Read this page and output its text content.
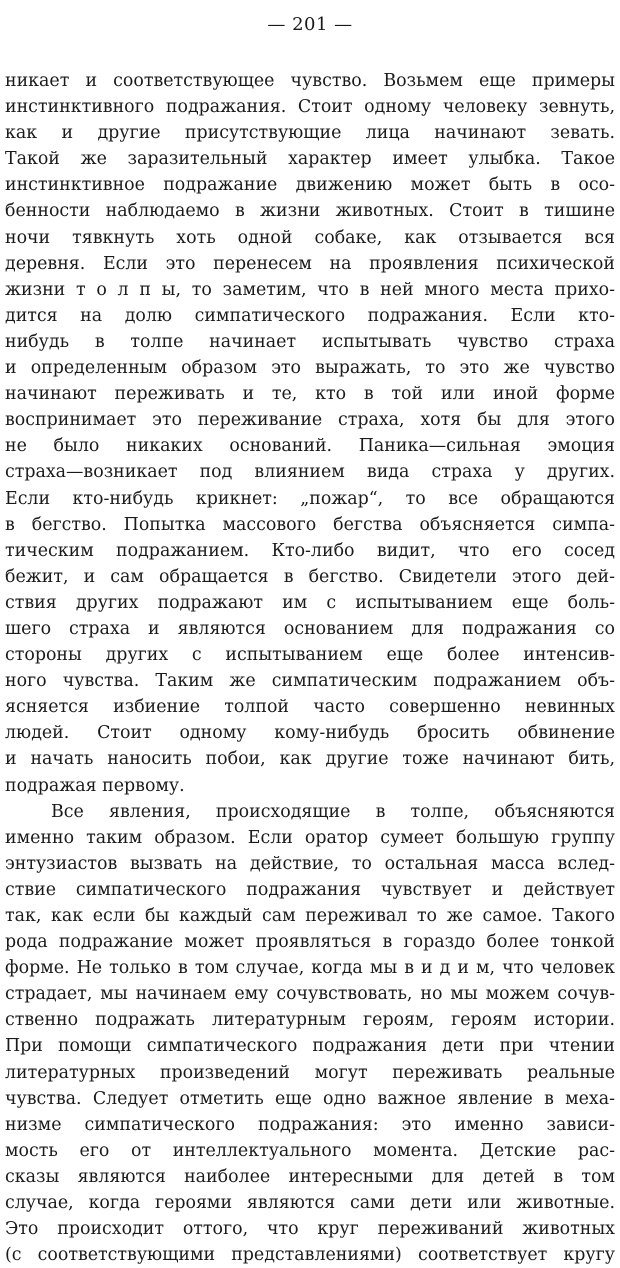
— 201 —
никает и соответствующее чувство. Возьмем еще примеры
инстинктивного подражания. Стоит одному человеку зевнуть,
как и другие присутствующие лица начинают зевать.
Такой же заразительный характер имеет улыбка. Такое
инстинктивное подражание движению может быть в осо-
бенности наблюдаемо в жизни животных. Стоит в тишине
ночи тявкнуть хоть одной собаке, как отзывается вся
деревня. Если это перенесем на проявления психической
жизни т о л п ы, то заметим, что в ней много места прихо-
дится на долю симпатического подражания. Если кто-
нибудь в толпе начинает испытывать чувство страха
и определенным образом это выражать, то это же чувство
начинают переживать и те, кто в той или иной форме
воспринимает это переживание страха, хотя бы для этого
не было никаких оснований. Паника—сильная эмоция
страха—возникает под влиянием вида страха у других.
Если кто-нибудь крикнет: „пожар“, то все обращаются
в бегство. Попытка массового бегства объясняется симпа-
тическим подражанием. Кто-либо видит, что его сосед
бежит, и сам обращается в бегство. Свидетели этого дей-
ствия других подражают им с испытыванием еще боль-
шего страха и являются основанием для подражания со
стороны других с испытыванием еще более интенсив-
ного чувства. Таким же симпатическим подражанием объ-
ясняется избиение толпой часто совершенно невинных
людей. Стоит одному кому-нибудь бросить обвинение
и начать наносить побои, как другие тоже начинают бить,
подражая первому.
Все явления, происходящие в толпе, объясняются
именно таким образом. Если оратор сумеет большую группу
энтузиастов вызвать на действие, то остальная масса вслед-
ствие симпатического подражания чувствует и действует
так, как если бы каждый сам переживал то же самое. Такого
рода подражание может проявляться в гораздо более тонкой
форме. Не только в том случае, когда мы в и д и м, что человек
страдает, мы начинаем ему сочувствовать, но мы можем сочув-
ственно подражать литературным героям, героям истории.
При помощи симпатического подражания дети при чтении
литературных произведений могут переживать реальные
чувства. Следует отметить еще одно важное явление в меха-
низме симпатического подражания: это именно зависи-
мость его от интеллектуального момента. Детские рас-
сказы являются наиболее интересными для детей в том
случае, когда героями являются сами дети или животные.
Это происходит оттого, что круг переживаний животных
(с соответствующими представлениями) соответствует кругу
